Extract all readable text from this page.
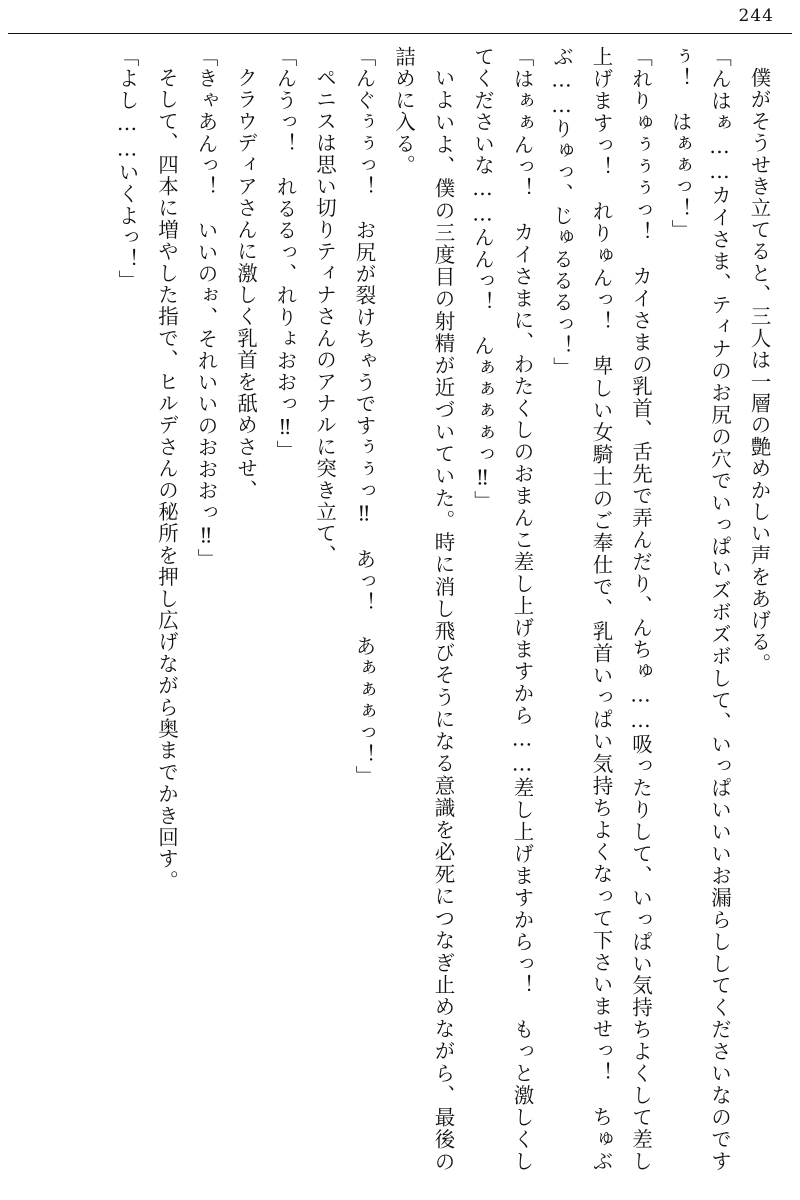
244

僕がそうせき立てると、三人は一層の艶めかしい声をあげる。

「んはぁ……カイさま、ティナのお尻の穴でいっぱいズボズボして、いっぱいいいお漏らししてくださいなのですぅ！　はぁぁっ！」

「れりゅぅぅぅっ！　カイさまの乳首、舌先で弄んだり、んちゅ……吸ったりして、いっぱい気持ちよくして差し上げますっ！　れりゅんっ！　卑しい女騎士のご奉仕で、乳首いっぱい気持ちよくなって下さいませっ！　ちゅぶぶ……りゅっ、じゅるるるっ！」

「はぁぁんっ！　カイさまに、わたくしのおまんこ差し上げますから……差し上げますからっ！　もっと激しくしてくださいな……んんっ！　んぁぁぁぁっ‼」

いよいよ、僕の三度目の射精が近づいていた。時に消し飛びそうになる意識を必死につなぎ止めながら、最後の詰めに入る。

「んぐぅぅっ！　お尻が裂けちゃうですぅぅっ‼　あっ！　あぁぁぁっ！」

ペニスは思い切りティナさんのアナルに突き立て、

「んうっ！　れるるっ、れりょおおっ‼」

クラウディアさんに激しく乳首を舐めさせ、

「きゃあんっ！　いいのぉ、それいいのおおおっ‼」

そして、四本に増やした指で、ヒルデさんの秘所を押し広げながら奥までかき回す。

「よし……いくよっ！」
